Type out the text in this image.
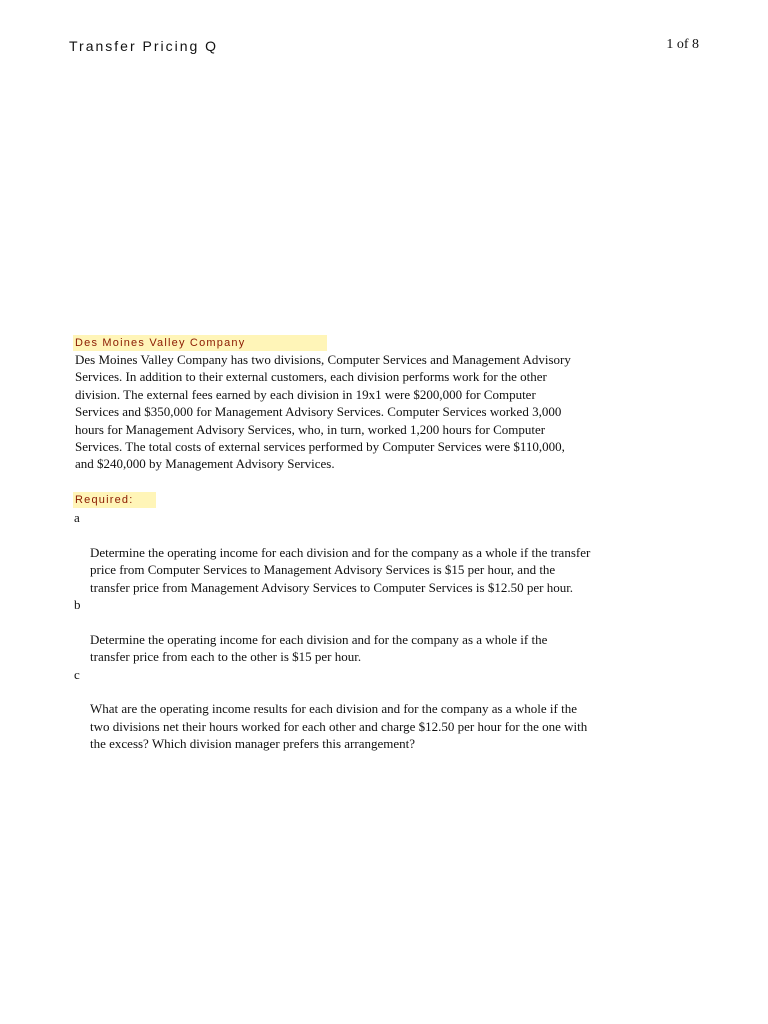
Transfer Pricing Q	1 of 8
Des Moines Valley Company

Des Moines Valley Company has two divisions, Computer Services and Management Advisory
Services. In addition to their external customers, each division performs work for the other
division. The external fees earned by each division in 19x1 were $200,000 for Computer
Services and $350,000 for Management Advisory Services. Computer Services worked 3,000
hours for Management Advisory Services, who, in turn, worked 1,200 hours for Computer
Services. The total costs of external services performed by Computer Services were $110,000,
and $240,000 by Management Advisory Services.

Required:

a

Determine the operating income for each division and for the company as a whole if the transfer
price from Computer Services to Management Advisory Services is $15 per hour, and the
transfer price from Management Advisory Services to Computer Services is $12.50 per hour.

b

Determine the operating income for each division and for the company as a whole if the
transfer price from each to the other is $15 per hour.

c

What are the operating income results for each division and for the company as a whole if the
two divisions net their hours worked for each other and charge $12.50 per hour for the one with
the excess? Which division manager prefers this arrangement?
